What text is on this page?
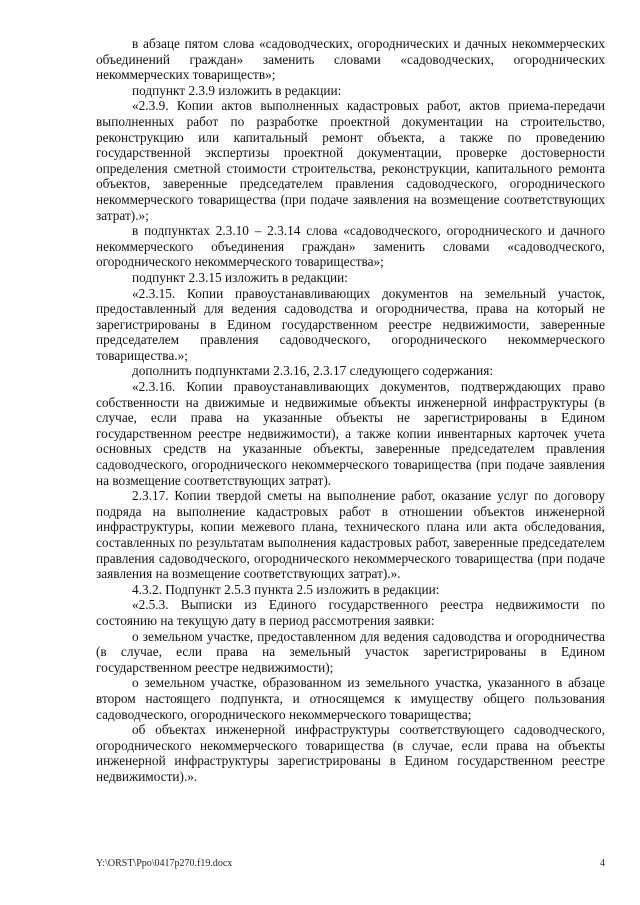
в абзаце пятом слова «садоводческих, огороднических и дачных некоммерческих объединений граждан» заменить словами «садоводческих, огороднических некоммерческих товариществ»;

подпункт 2.3.9 изложить в редакции:

«2.3.9. Копии актов выполненных кадастровых работ, актов приема-передачи выполненных работ по разработке проектной документации на строительство, реконструкцию или капитальный ремонт объекта, а также по проведению государственной экспертизы проектной документации, проверке достоверности определения сметной стоимости строительства, реконструкции, капитального ремонта объектов, заверенные председателем правления садоводческого, огороднического некоммерческого товарищества (при подаче заявления на возмещение соответствующих затрат).»;

в подпунктах 2.3.10 – 2.3.14 слова «садоводческого, огороднического и дачного некоммерческого объединения граждан» заменить словами «садоводческого, огороднического некоммерческого товарищества»;

подпункт 2.3.15 изложить в редакции:

«2.3.15. Копии правоустанавливающих документов на земельный участок, предоставленный для ведения садоводства и огородничества, права на который не зарегистрированы в Едином государственном реестре недвижимости, заверенные председателем правления садоводческого, огороднического некоммерческого товарищества.»;

дополнить подпунктами 2.3.16, 2.3.17 следующего содержания:

«2.3.16. Копии правоустанавливающих документов, подтверждающих право собственности на движимые и недвижимые объекты инженерной инфраструктуры (в случае, если права на указанные объекты не зарегистрированы в Едином государственном реестре недвижимости), а также копии инвентарных карточек учета основных средств на указанные объекты, заверенные председателем правления садоводческого, огороднического некоммерческого товарищества (при подаче заявления на возмещение соответствующих затрат).

2.3.17. Копии твердой сметы на выполнение работ, оказание услуг по договору подряда на выполнение кадастровых работ в отношении объектов инженерной инфраструктуры, копии межевого плана, технического плана или акта обследования, составленных по результатам выполнения кадастровых работ, заверенные председателем правления садоводческого, огороднического некоммерческого товарищества (при подаче заявления на возмещение соответствующих затрат).».

4.3.2. Подпункт 2.5.3 пункта 2.5 изложить в редакции:

«2.5.3. Выписки из Единого государственного реестра недвижимости по состоянию на текущую дату в период рассмотрения заявки:

о земельном участке, предоставленном для ведения садоводства и огородничества (в случае, если права на земельный участок зарегистрированы в Едином государственном реестре недвижимости);

о земельном участке, образованном из земельного участка, указанного в абзаце втором настоящего подпункта, и относящемся к имуществу общего пользования садоводческого, огороднического некоммерческого товарищества;

об объектах инженерной инфраструктуры соответствующего садоводческого, огороднического некоммерческого товарищества (в случае, если права на объекты инженерной инфраструктуры зарегистрированы в Едином государственном реестре недвижимости).».

Y:\ORST\Ppo\0417p270.f19.docx	4
